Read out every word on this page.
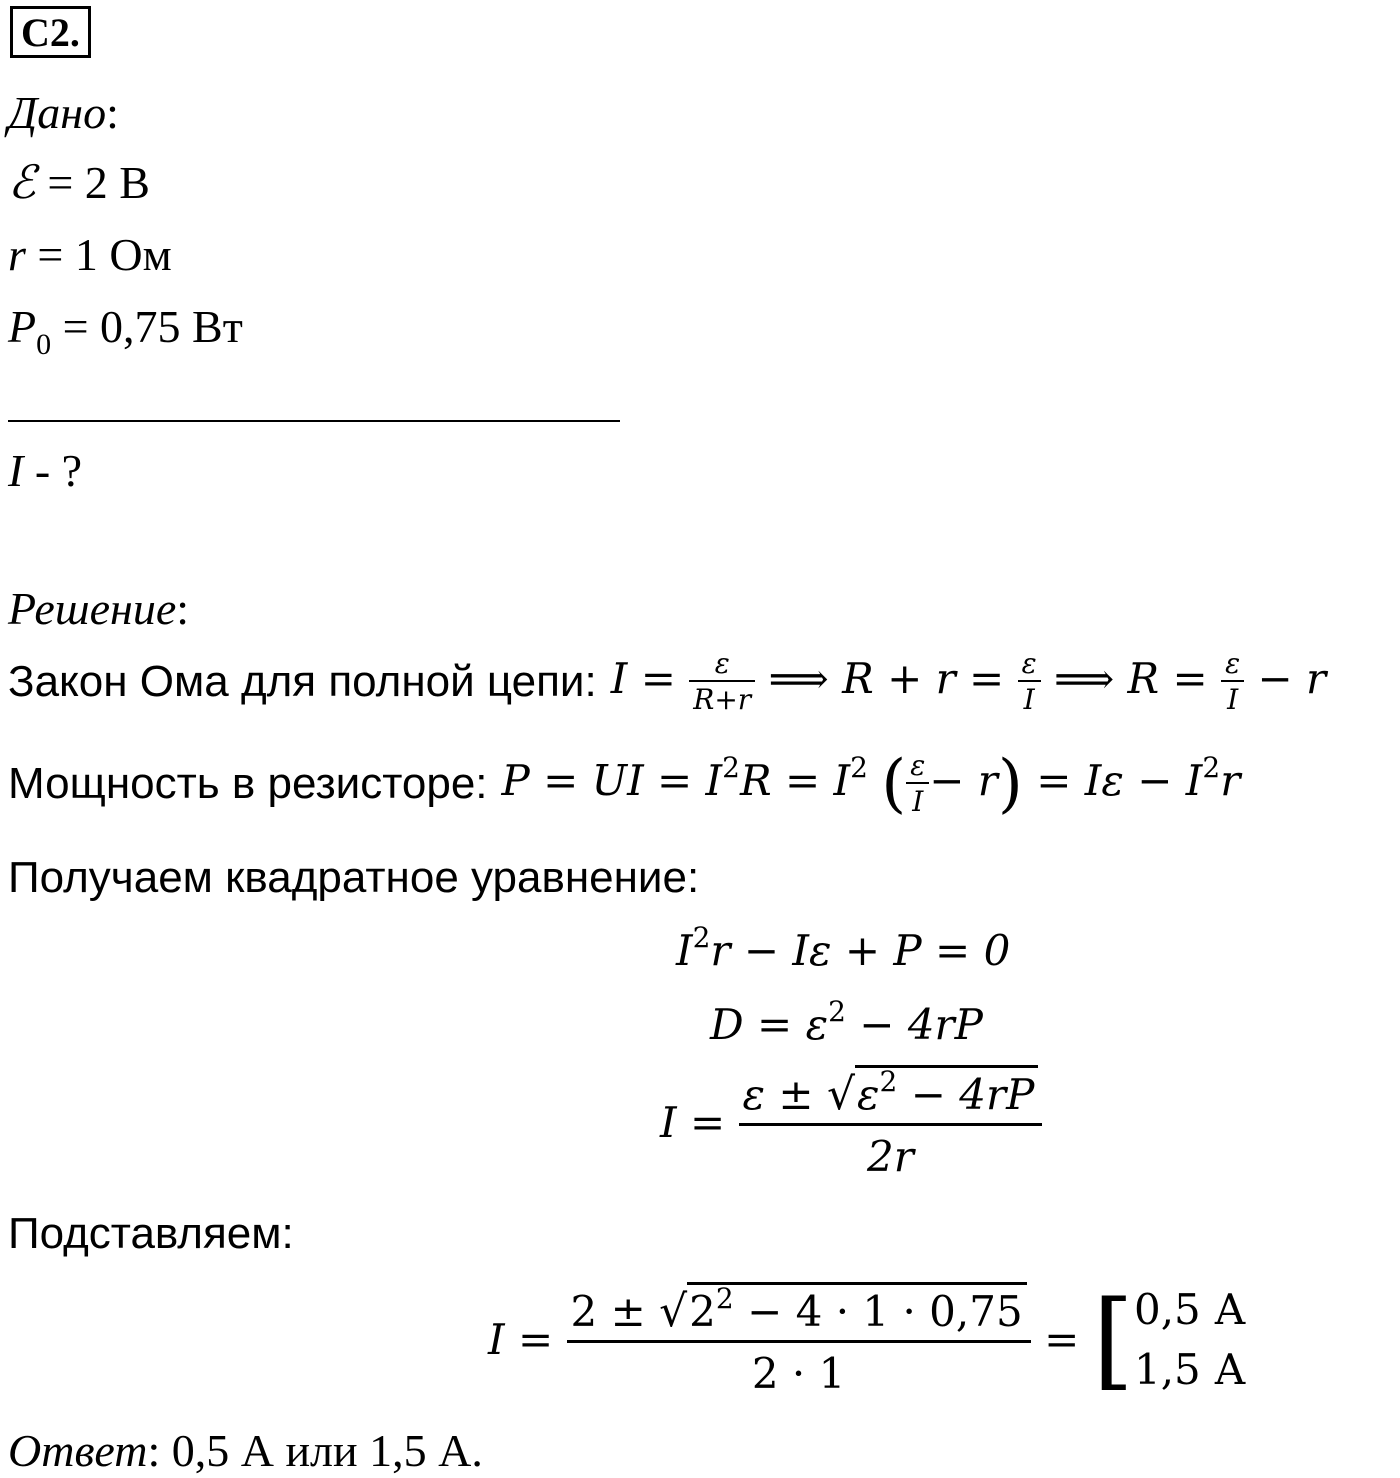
C2.
Дано:
ℰ = 2 В
r = 1 Ом
$P_0 = 0,75$ Вт
I - ?
Решение:
Закон Ома для полной цепи: $I = \frac{\varepsilon}{R+r}$ ⟹ $R + r = \frac{\varepsilon}{I}$ ⟹ $R = \frac{\varepsilon}{I} - r$
Мощность в резисторе: P = UI = $I^2R = I^2$ ( $\frac{\varepsilon}{I} - r) = I\varepsilon - I^2r$
Получаем квадратное уравнение:
$I^2r - I\varepsilon + P = 0$
$D = \varepsilon^2 - 4rP$
$I = \frac{\varepsilon \pm √\varepsilon^2 - 4rP}{2r}$
Подставляем:
$I = \frac{2 \pm √2^2 - 4 \cdot 1 \cdot 0,75}{2 \cdot 1}$ = [ 0,5 А
1,5 А
Ответ: 0,5 А или 1,5 А.
